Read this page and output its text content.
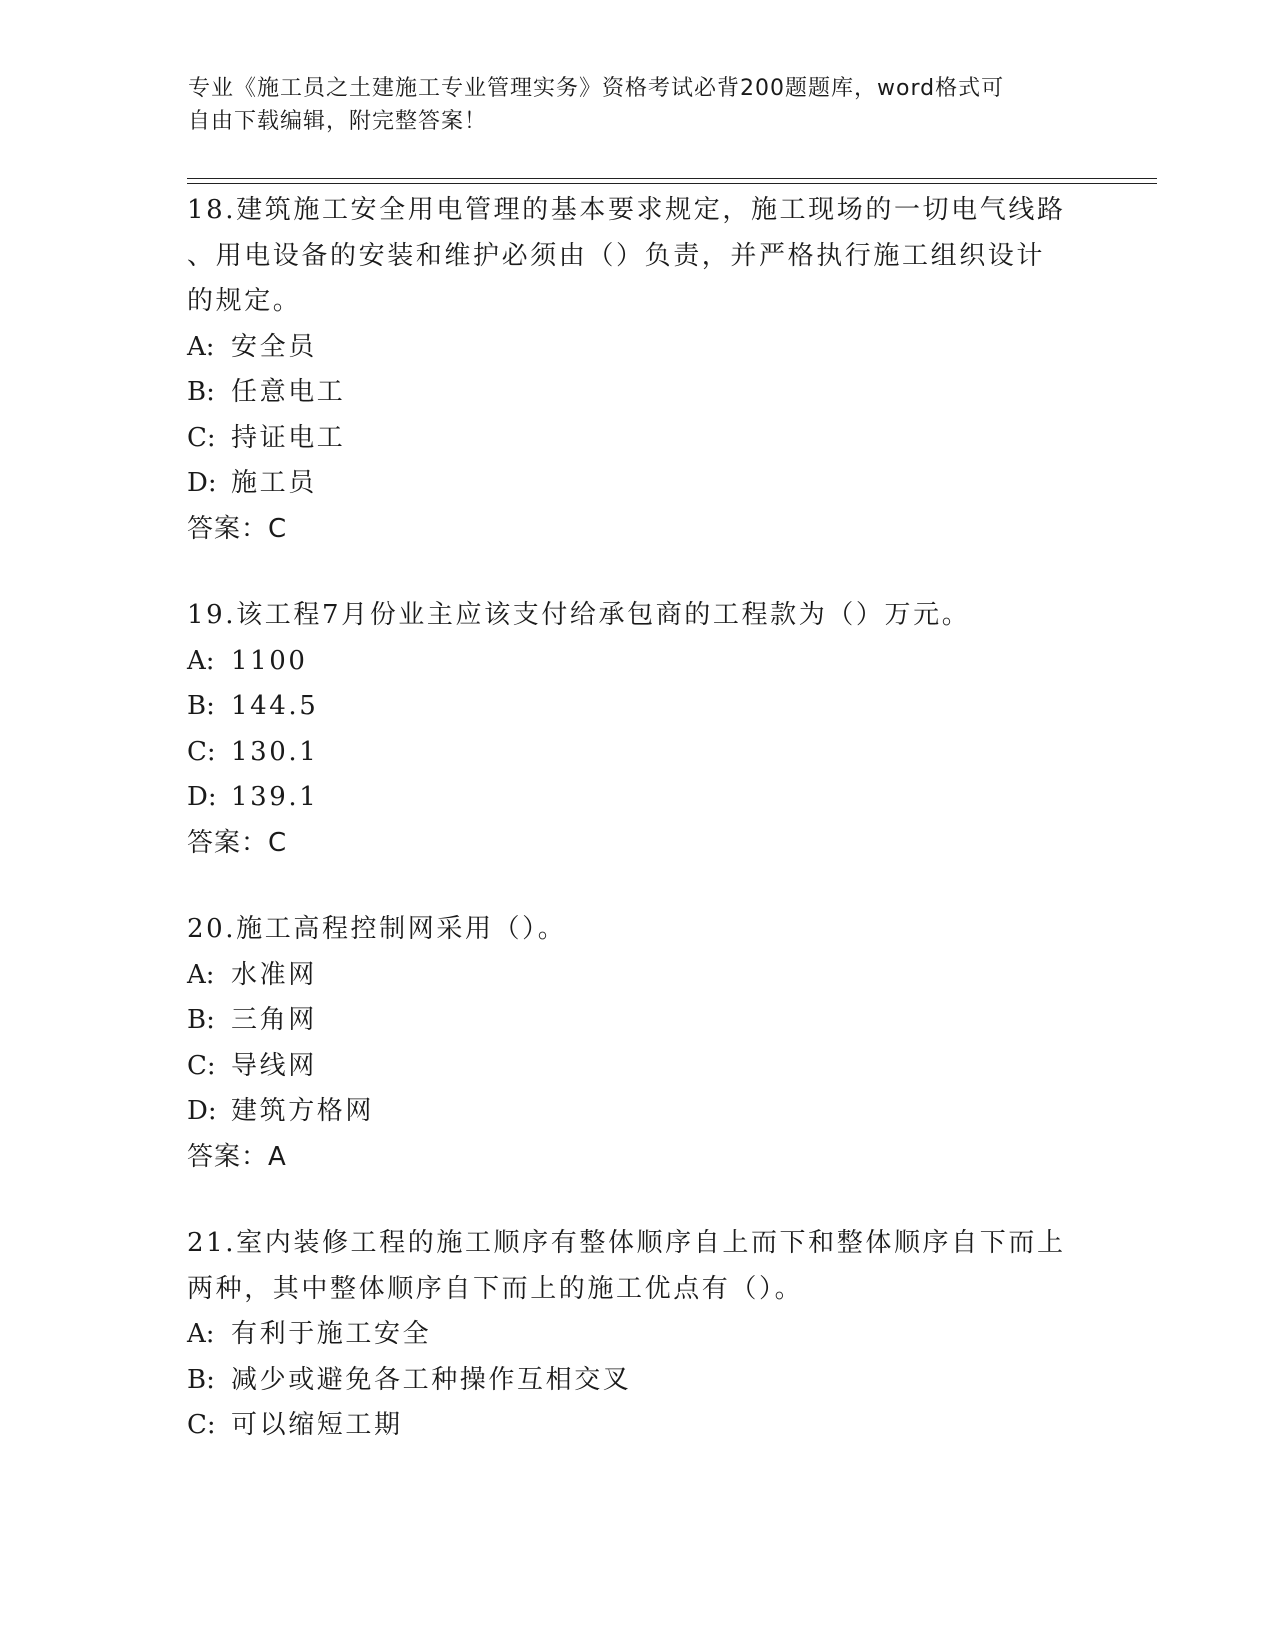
专业《施工员之土建施工专业管理实务》资格考试必背200题题库，word格式可
自由下载编辑，附完整答案！
18.建筑施工安全用电管理的基本要求规定，施工现场的一切电气线路
、用电设备的安装和维护必须由（）负责，并严格执行施工组织设计
的规定。
A: 安全员
B: 任意电工
C: 持证电工
D: 施工员
答案：C
19.该工程7月份业主应该支付给承包商的工程款为（）万元。
A: 1100
B: 144.5
C: 130.1
D: 139.1
答案：C
20.施工高程控制网采用（）。
A: 水准网
B: 三角网
C: 导线网
D: 建筑方格网
答案：A
21.室内装修工程的施工顺序有整体顺序自上而下和整体顺序自下而上
两种，其中整体顺序自下而上的施工优点有（）。
A: 有利于施工安全
B: 减少或避免各工种操作互相交叉
C: 可以缩短工期
